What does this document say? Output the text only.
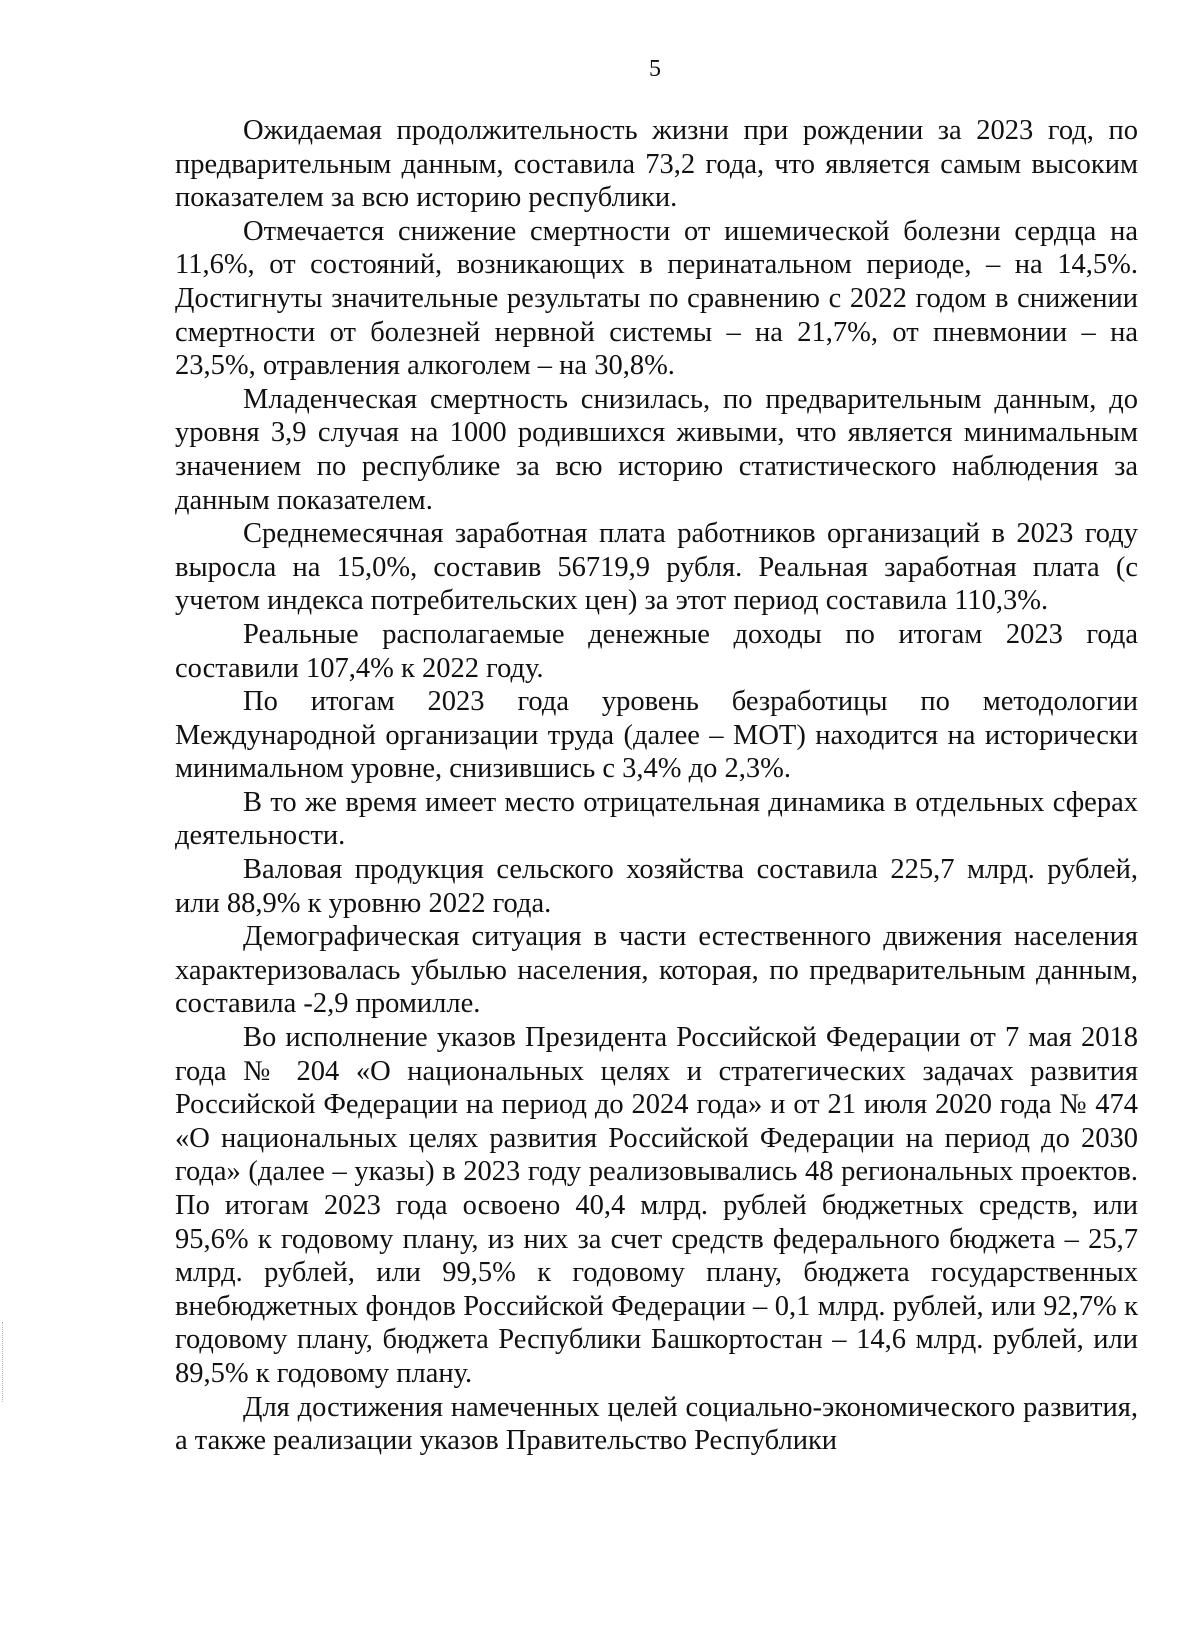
5

Ожидаемая продолжительность жизни при рождении за 2023 год, по предварительным данным, составила 73,2 года, что является самым высоким показателем за всю историю республики.

Отмечается снижение смертности от ишемической болезни сердца на 11,6%, от состояний, возникающих в перинатальном периоде, – на 14,5%. Достигнуты значительные результаты по сравнению с 2022 годом в снижении смертности от болезней нервной системы – на 21,7%, от пневмонии – на 23,5%, отравления алкоголем – на 30,8%.

Младенческая смертность снизилась, по предварительным данным, до уровня 3,9 случая на 1000 родившихся живыми, что является минимальным значением по республике за всю историю статистического наблюдения за данным показателем.

Среднемесячная заработная плата работников организаций в 2023 году выросла на 15,0%, составив 56719,9 рубля. Реальная заработная плата (с учетом индекса потребительских цен) за этот период составила 110,3%.

Реальные располагаемые денежные доходы по итогам 2023 года составили 107,4% к 2022 году.

По итогам 2023 года уровень безработицы по методологии Международной организации труда (далее – МОТ) находится на исторически минимальном уровне, снизившись с 3,4% до 2,3%.

В то же время имеет место отрицательная динамика в отдельных сферах деятельности.

Валовая продукция сельского хозяйства составила 225,7 млрд. рублей, или 88,9% к уровню 2022 года.

Демографическая ситуация в части естественного движения населения характеризовалась убылью населения, которая, по предварительным данным, составила -2,9 промилле.

Во исполнение указов Президента Российской Федерации от 7 мая 2018 года № 204 «О национальных целях и стратегических задачах развития Российской Федерации на период до 2024 года» и от 21 июля 2020 года № 474 «О национальных целях развития Российской Федерации на период до 2030 года» (далее – указы) в 2023 году реализовывались 48 региональных проектов. По итогам 2023 года освоено 40,4 млрд. рублей бюджетных средств, или 95,6% к годовому плану, из них за счет средств федерального бюджета – 25,7 млрд. рублей, или 99,5% к годовому плану, бюджета государственных внебюджетных фондов Российской Федерации – 0,1 млрд. рублей, или 92,7% к годовому плану, бюджета Республики Башкортостан – 14,6 млрд. рублей, или 89,5% к годовому плану.

Для достижения намеченных целей социально-экономического развития, а также реализации указов Правительство Республики
